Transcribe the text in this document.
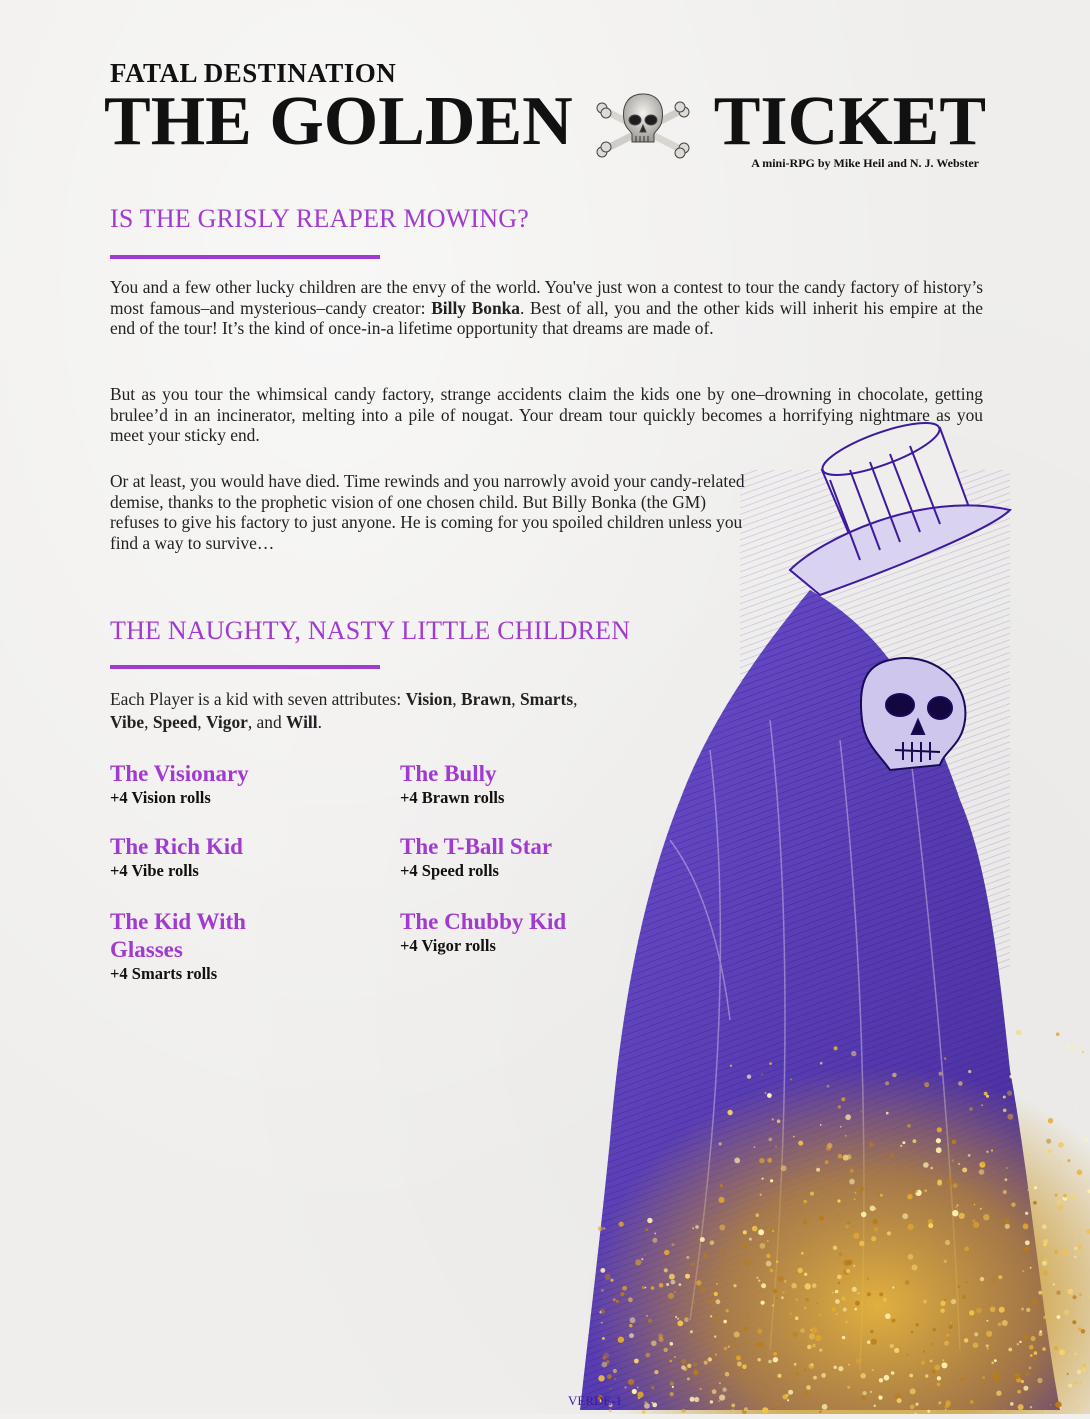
FATAL DESTINATION
THE GOLDEN TICKET
A mini-RPG by Mike Heil and N. J. Webster
IS THE GRISLY REAPER MOWING?

You and a few other lucky children are the envy of the world. You've just won a contest to tour the candy factory of history’s most famous–and mysterious–candy creator: Billy Bonka. Best of all, you and the other kids will inherit his empire at the end of the tour! It’s the kind of once-in-a lifetime opportunity that dreams are made of.

But as you tour the whimsical candy factory, strange accidents claim the kids one by one–drowning in chocolate, getting brulee’d in an incinerator, melting into a pile of nougat. Your dream tour quickly becomes a horrifying nightmare as you meet your sticky end.

Or at least, you would have died. Time rewinds and you narrowly avoid your candy-related demise, thanks to the prophetic vision of one chosen child. But Billy Bonka (the GM) refuses to give his factory to just anyone. He is coming for you spoiled children unless you find a way to survive…

VERDE-1
THE NAUGHTY, NASTY LITTLE CHILDREN

Each Player is a kid with seven attributes: Vision, Brawn, Smarts,
Vibe, Speed, Vigor, and Will.

The Visionary
+4 Vision rolls
The Bully
+4 Brawn rolls
The Rich Kid
+4 Vibe rolls
The T-Ball Star
+4 Speed rolls
The Kid With Glasses
+4 Smarts rolls
The Chubby Kid
+4 Vigor rolls
